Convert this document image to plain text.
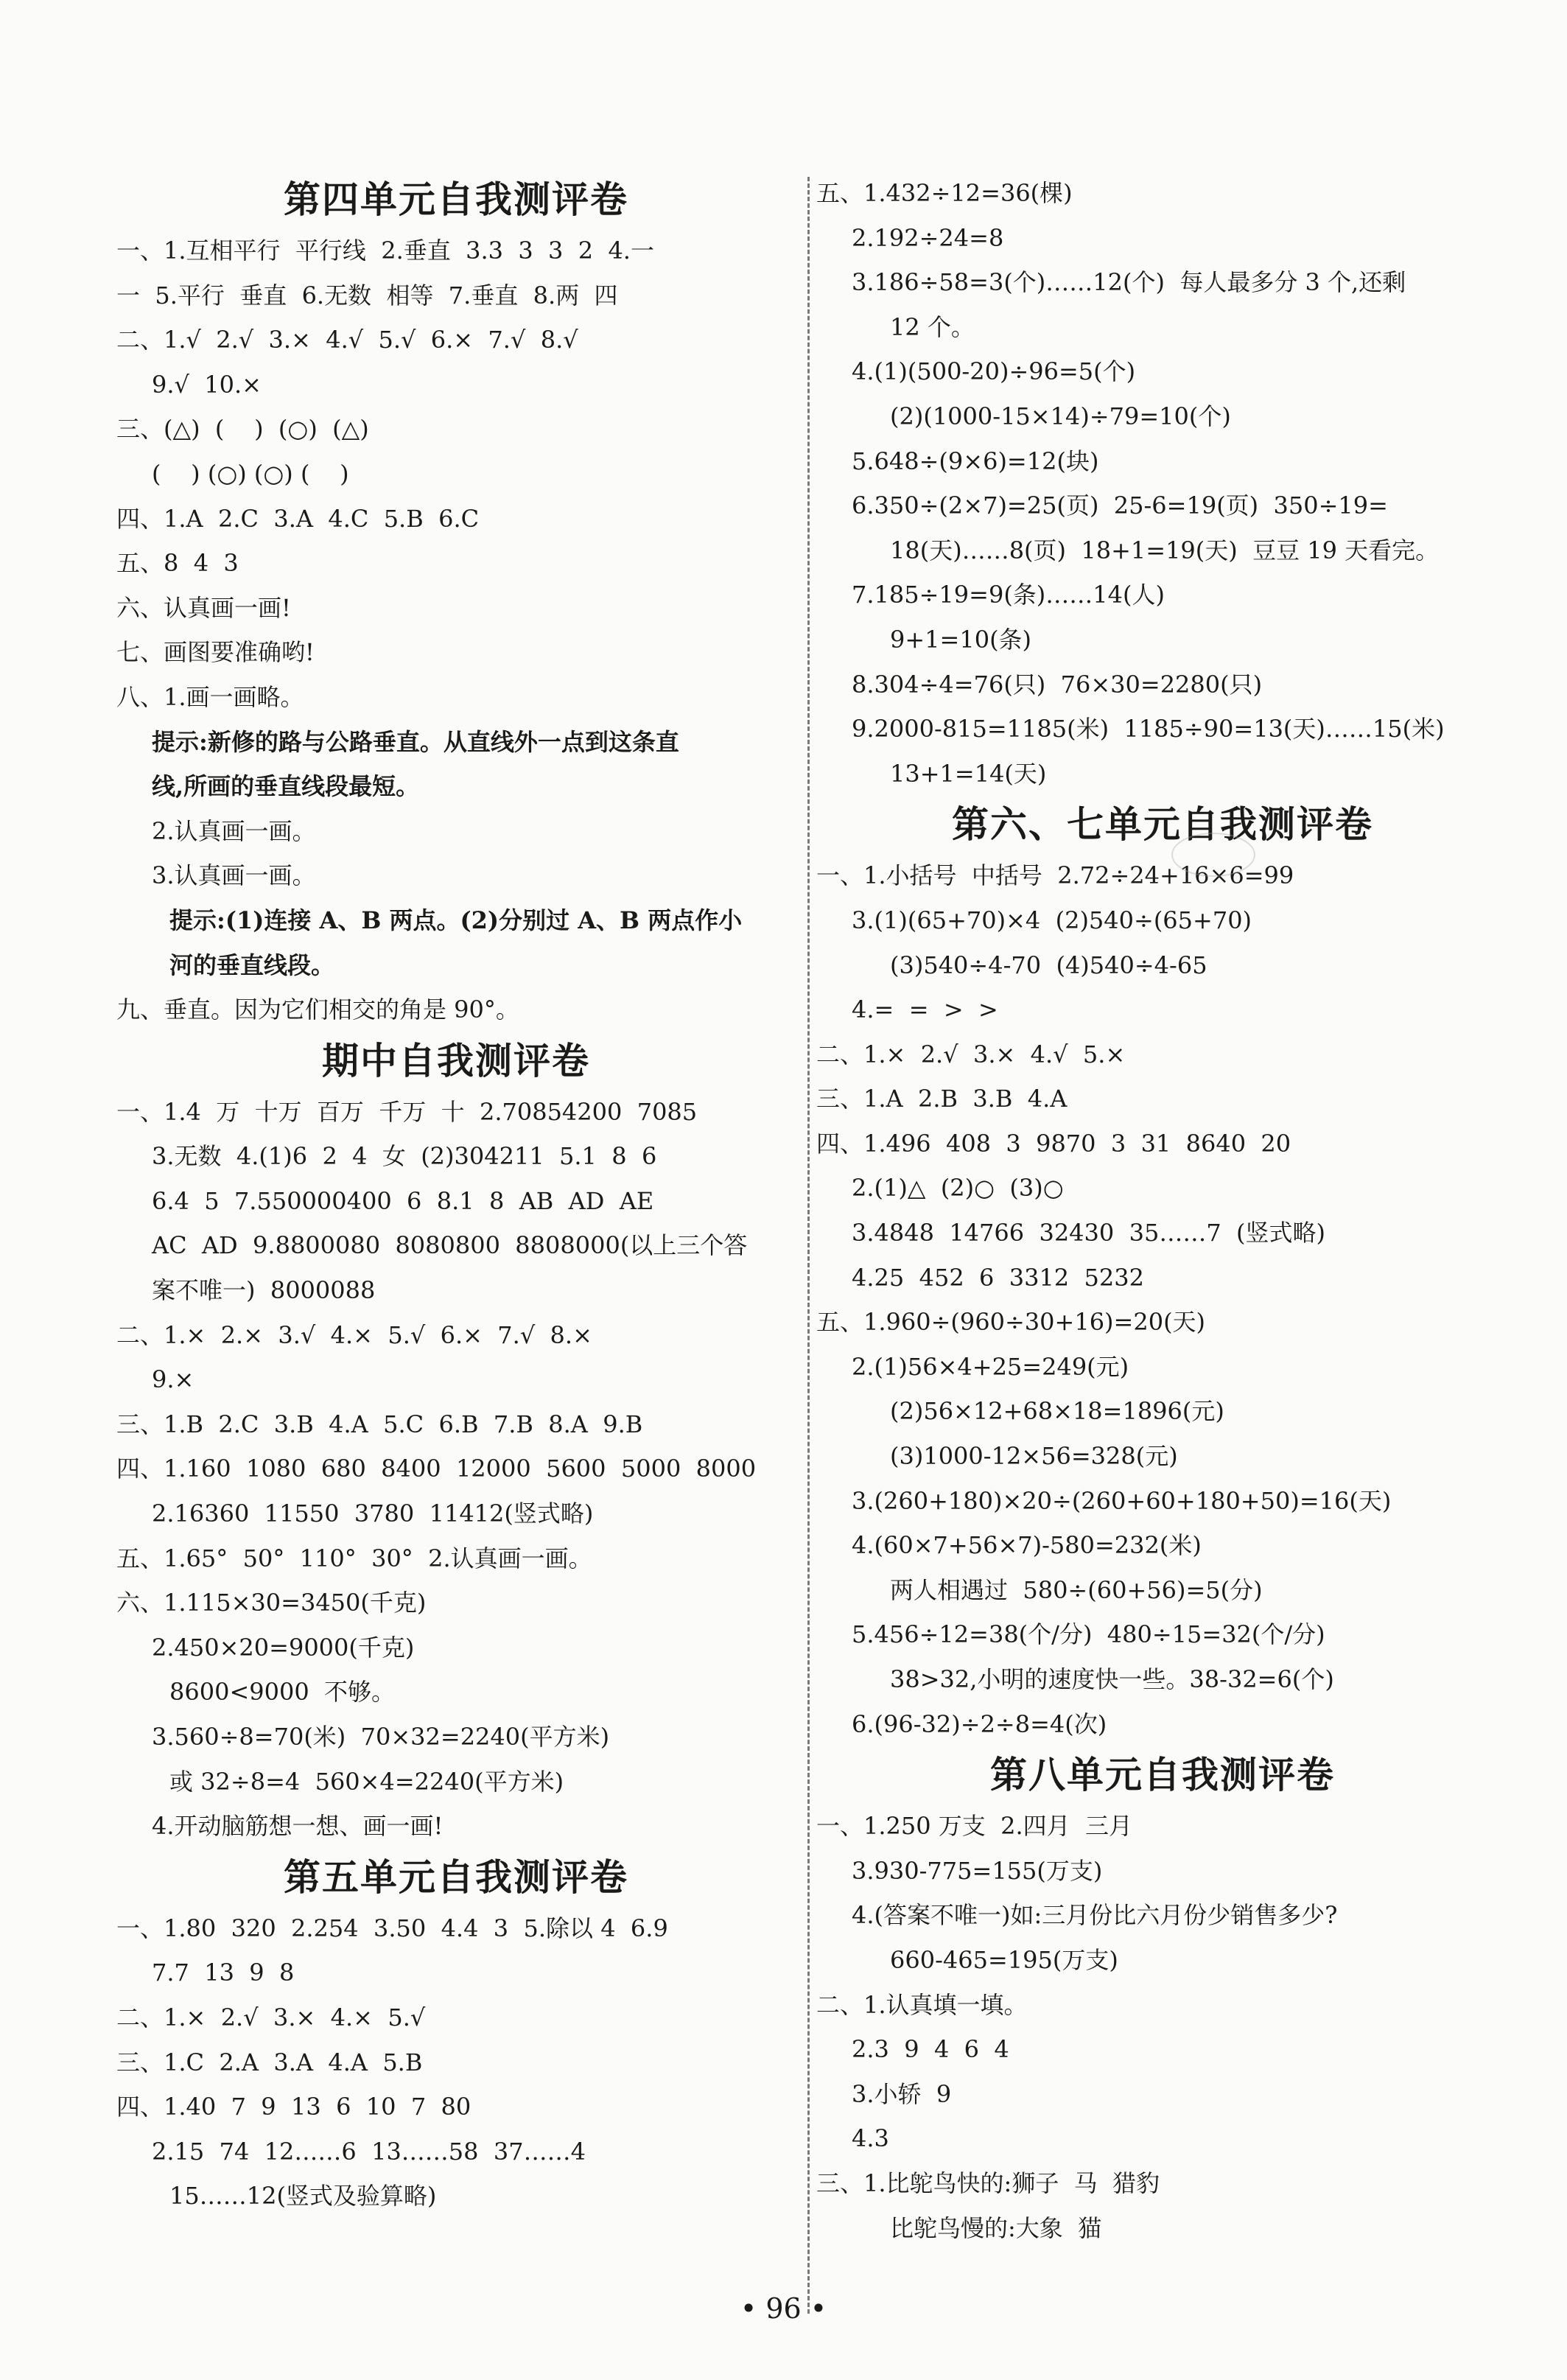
第四单元自我测评卷
一、1.互相平行  平行线  2.垂直  3.3  3  3  2  4.一
一  5.平行  垂直  6.无数  相等  7.垂直  8.两  四
二、1.√  2.√  3.×  4.√  5.√  6.×  7.√  8.√
9.√  10.×
三、(△)  (    )  (○)  (△)
(    ) (○) (○) (    )
四、1.A  2.C  3.A  4.C  5.B  6.C
五、8  4  3
六、认真画一画!
七、画图要准确哟!
八、1.画一画略。
提示:新修的路与公路垂直。从直线外一点到这条直
线,所画的垂直线段最短。
2.认真画一画。
3.认真画一画。
提示:(1)连接 A、B 两点。(2)分别过 A、B 两点作小
河的垂直线段。
九、垂直。因为它们相交的角是 90°。
期中自我测评卷
一、1.4  万  十万  百万  千万  十  2.70854200  7085
3.无数  4.(1)6  2  4  女  (2)304211  5.1  8  6
6.4  5  7.550000400  6  8.1  8  AB  AD  AE
AC  AD  9.8800080  8080800  8808000(以上三个答
案不唯一)  8000088
二、1.×  2.×  3.√  4.×  5.√  6.×  7.√  8.×
9.×
三、1.B  2.C  3.B  4.A  5.C  6.B  7.B  8.A  9.B
四、1.160  1080  680  8400  12000  5600  5000  8000
2.16360  11550  3780  11412(竖式略)
五、1.65°  50°  110°  30°  2.认真画一画。
六、1.115×30=3450(千克)
2.450×20=9000(千克)
8600<9000  不够。
3.560÷8=70(米)  70×32=2240(平方米)
或 32÷8=4  560×4=2240(平方米)
4.开动脑筋想一想、画一画!
第五单元自我测评卷
一、1.80  320  2.254  3.50  4.4  3  5.除以 4  6.9
7.7  13  9  8
二、1.×  2.√  3.×  4.×  5.√
三、1.C  2.A  3.A  4.A  5.B
四、1.40  7  9  13  6  10  7  80
2.15  74  12……6  13……58  37……4
15……12(竖式及验算略)
五、1.432÷12=36(棵)
2.192÷24=8
3.186÷58=3(个)……12(个)  每人最多分 3 个,还剩
12 个。
4.(1)(500-20)÷96=5(个)
(2)(1000-15×14)÷79=10(个)
5.648÷(9×6)=12(块)
6.350÷(2×7)=25(页)  25-6=19(页)  350÷19=
18(天)……8(页)  18+1=19(天)  豆豆 19 天看完。
7.185÷19=9(条)……14(人)
9+1=10(条)
8.304÷4=76(只)  76×30=2280(只)
9.2000-815=1185(米)  1185÷90=13(天)……15(米)
13+1=14(天)
第六、七单元自我测评卷
一、1.小括号  中括号  2.72÷24+16×6=99
3.(1)(65+70)×4  (2)540÷(65+70)
(3)540÷4-70  (4)540÷4-65
4.=  =  >  >
二、1.×  2.√  3.×  4.√  5.×
三、1.A  2.B  3.B  4.A
四、1.496  408  3  9870  3  31  8640  20
2.(1)△  (2)○  (3)○
3.4848  14766  32430  35……7  (竖式略)
4.25  452  6  3312  5232
五、1.960÷(960÷30+16)=20(天)
2.(1)56×4+25=249(元)
(2)56×12+68×18=1896(元)
(3)1000-12×56=328(元)
3.(260+180)×20÷(260+60+180+50)=16(天)
4.(60×7+56×7)-580=232(米)
两人相遇过  580÷(60+56)=5(分)
5.456÷12=38(个/分)  480÷15=32(个/分)
38>32,小明的速度快一些。38-32=6(个)
6.(96-32)÷2÷8=4(次)
第八单元自我测评卷
一、1.250 万支  2.四月  三月
3.930-775=155(万支)
4.(答案不唯一)如:三月份比六月份少销售多少?
660-465=195(万支)
二、1.认真填一填。
2.3  9  4  6  4
3.小轿  9
4.3
三、1.比鸵鸟快的:狮子  马  猎豹
比鸵鸟慢的:大象  猫
• 96 •
